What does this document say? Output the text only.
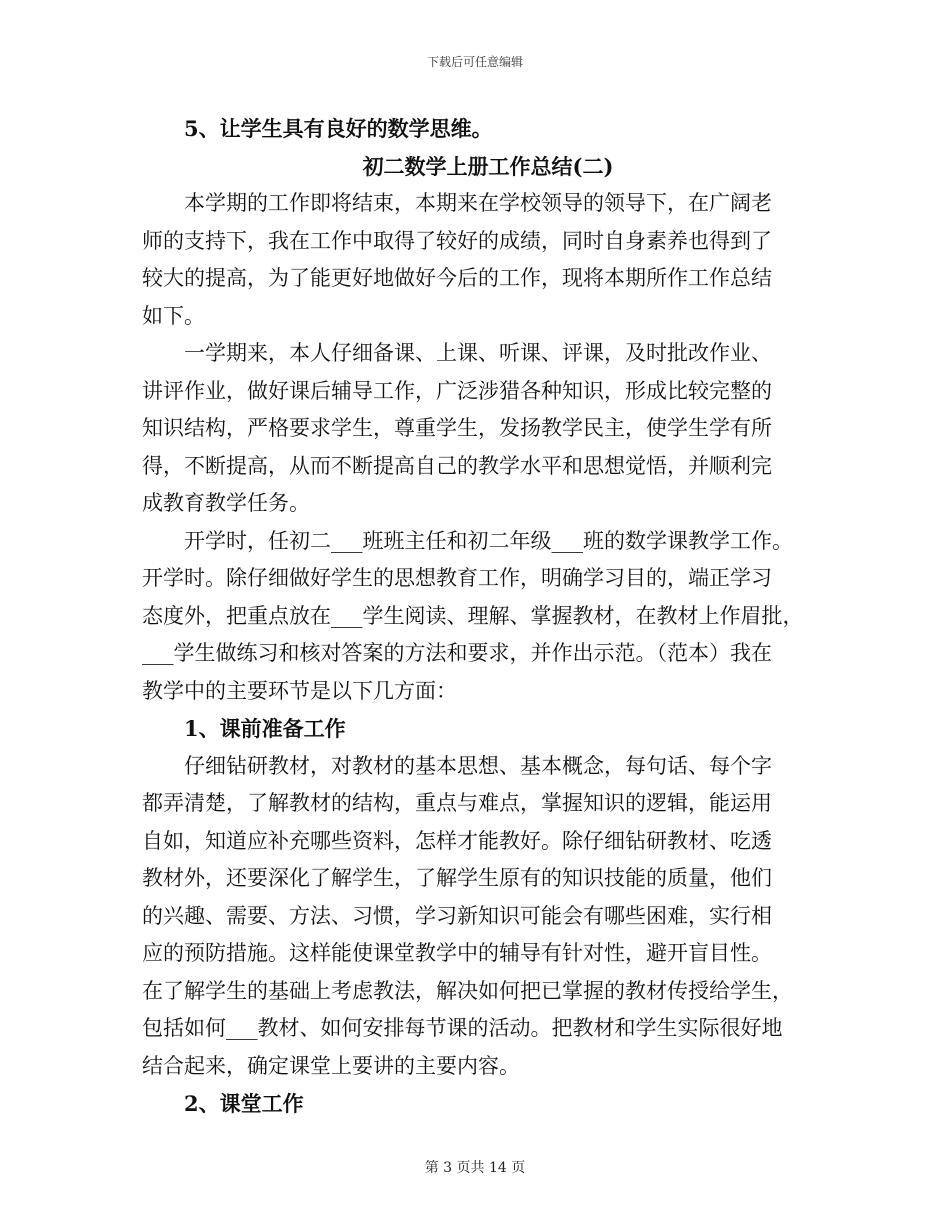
下载后可任意编辑
5、让学生具有良好的数学思维。
初二数学上册工作总结(二)
本学期的工作即将结束，本期来在学校领导的领导下，在广阔老
师的支持下，我在工作中取得了较好的成绩，同时自身素养也得到了
较大的提高，为了能更好地做好今后的工作，现将本期所作工作总结
如下。
一学期来，本人仔细备课、上课、听课、评课，及时批改作业、
讲评作业，做好课后辅导工作，广泛涉猎各种知识，形成比较完整的
知识结构，严格要求学生，尊重学生，发扬教学民主，使学生学有所
得，不断提高，从而不断提高自己的教学水平和思想觉悟，并顺利完
成教育教学任务。
开学时，任初二___班班主任和初二年级___班的数学课教学工作。
开学时。除仔细做好学生的思想教育工作，明确学习目的，端正学习
态度外，把重点放在___学生阅读、理解、掌握教材，在教材上作眉批，
___学生做练习和核对答案的方法和要求，并作出示范。（范本）我在
教学中的主要环节是以下几方面：
1、课前准备工作
仔细钻研教材，对教材的基本思想、基本概念，每句话、每个字
都弄清楚，了解教材的结构，重点与难点，掌握知识的逻辑，能运用
自如，知道应补充哪些资料，怎样才能教好。除仔细钻研教材、吃透
教材外，还要深化了解学生，了解学生原有的知识技能的质量，他们
的兴趣、需要、方法、习惯，学习新知识可能会有哪些困难，实行相
应的预防措施。这样能使课堂教学中的辅导有针对性，避开盲目性。
在了解学生的基础上考虑教法，解决如何把已掌握的教材传授给学生，
包括如何___教材、如何安排每节课的活动。把教材和学生实际很好地
结合起来，确定课堂上要讲的主要内容。
2、课堂工作
第 3 页共 14 页
